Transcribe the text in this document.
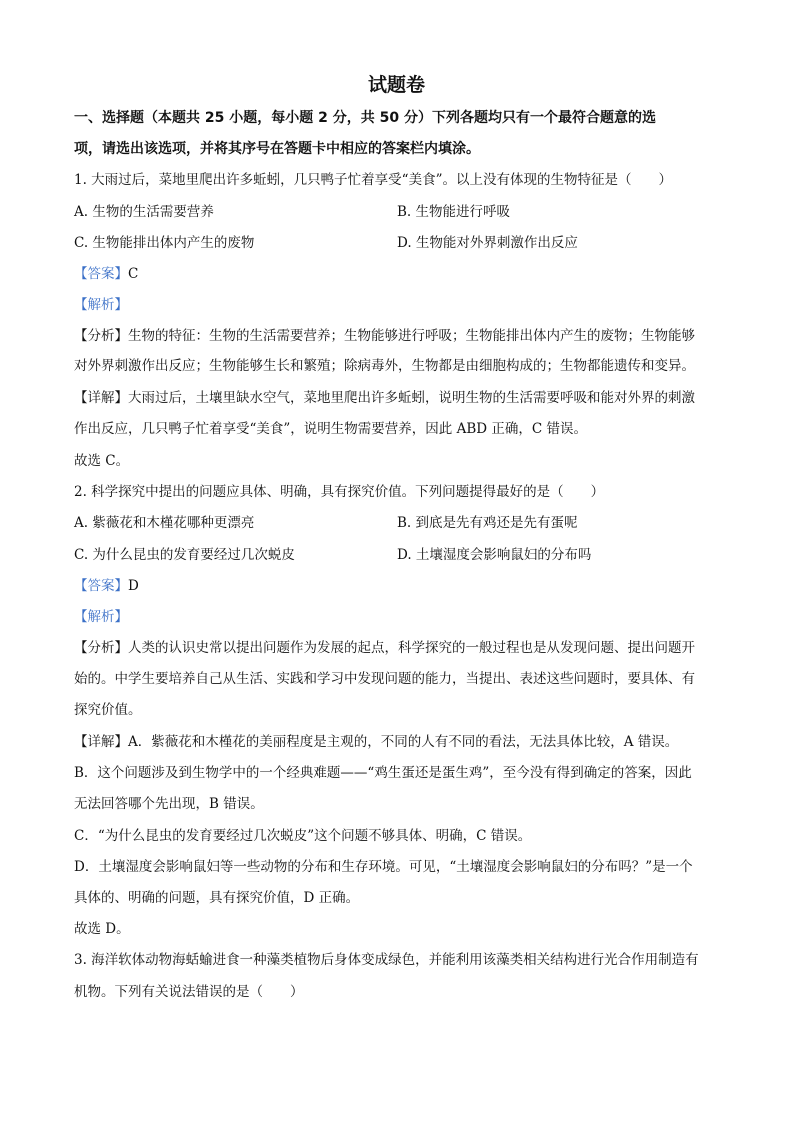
试题卷
一、选择题（本题共 25 小题，每小题 2 分，共 50 分）下列各题均只有一个最符合题意的选
项，请选出该选项，并将其序号在答题卡中相应的答案栏内填涂。
1. 大雨过后，菜地里爬出许多蚯蚓，几只鸭子忙着享受“美食”。以上没有体现的生物特征是（　　）
A. 生物的生活需要营养	B. 生物能进行呼吸
C. 生物能排出体内产生的废物	D. 生物能对外界刺激作出反应
【答案】C
【解析】
【分析】生物的特征：生物的生活需要营养；生物能够进行呼吸；生物能排出体内产生的废物；生物能够
对外界刺激作出反应；生物能够生长和繁殖；除病毒外，生物都是由细胞构成的；生物都能遗传和变异。
【详解】大雨过后，土壤里缺水空气，菜地里爬出许多蚯蚓，说明生物的生活需要呼吸和能对外界的刺激
作出反应，几只鸭子忙着享受“美食”，说明生物需要营养，因此 ABD 正确，C 错误。
故选 C。
2. 科学探究中提出的问题应具体、明确，具有探究价值。下列问题提得最好的是（　　）
A. 紫薇花和木槿花哪种更漂亮	B. 到底是先有鸡还是先有蛋呢
C. 为什么昆虫的发育要经过几次蜕皮	D. 土壤湿度会影响鼠妇的分布吗
【答案】D
【解析】
【分析】人类的认识史常以提出问题作为发展的起点，科学探究的一般过程也是从发现问题、提出问题开
始的。中学生要培养自己从生活、实践和学习中发现问题的能力，当提出、表述这些问题时，要具体、有
探究价值。
【详解】A．紫薇花和木槿花的美丽程度是主观的，不同的人有不同的看法，无法具体比较，A 错误。
B．这个问题涉及到生物学中的一个经典难题——“鸡生蛋还是蛋生鸡”，至今没有得到确定的答案，因此
无法回答哪个先出现，B 错误。
C．“为什么昆虫的发育要经过几次蜕皮”这个问题不够具体、明确，C 错误。
D．土壤湿度会影响鼠妇等一些动物的分布和生存环境。可见，“土壤湿度会影响鼠妇的分布吗？”是一个
具体的、明确的问题，具有探究价值，D 正确。
故选 D。
3. 海洋软体动物海蛞蝓进食一种藻类植物后身体变成绿色，并能利用该藻类相关结构进行光合作用制造有
机物。下列有关说法错误的是（　　）
